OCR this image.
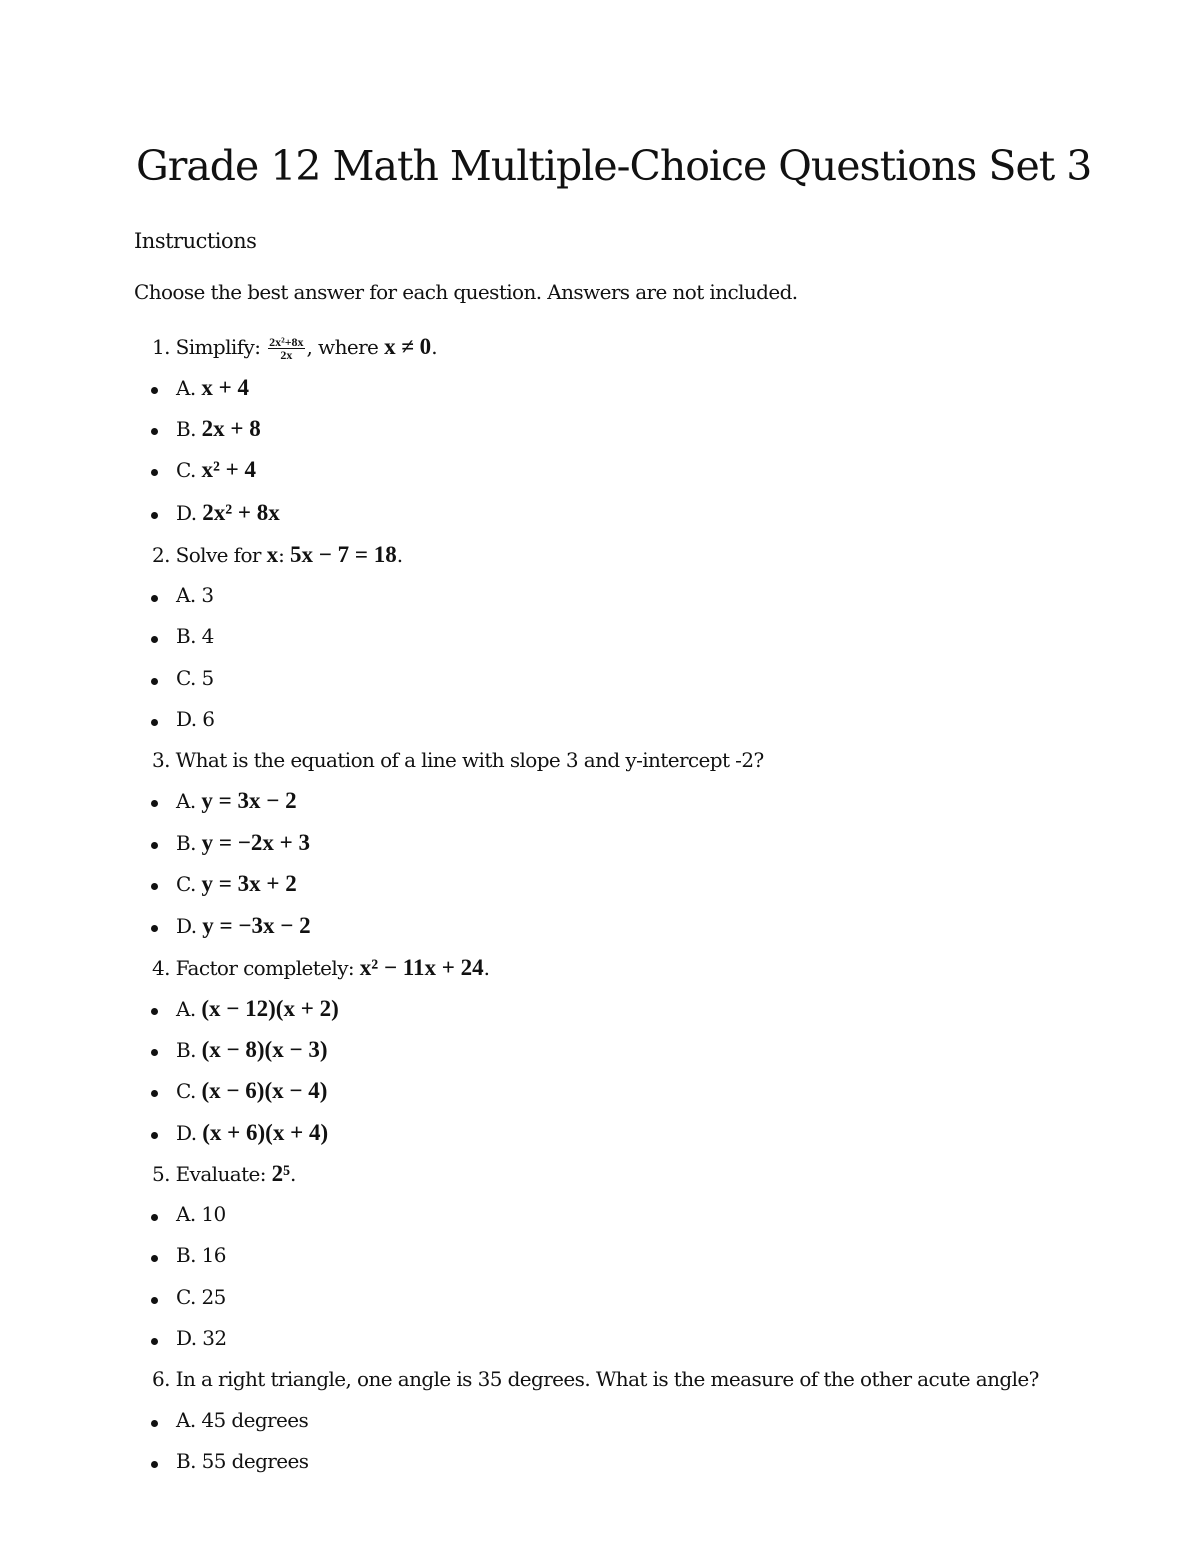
Grade 12 Math Multiple-Choice Questions Set 3
Instructions
Choose the best answer for each question. Answers are not included.
1. Simplify: $\frac{\text{2x²+8x}}{2x}$ , where x ≠ 0.
A. x + 4
B. 2x + 8
C. x² + 4
D. 2x² + 8x
2. Solve for x: 5x − 7 = 18.
A. 3
B. 4
C. 5
D. 6
3. What is the equation of a line with slope 3 and y-intercept -2?
A. y = 3x − 2
B. y = −2x + 3
C. y = 3x + 2
D. y = −3x − 2
4. Factor completely: x² − 11x + 24.
A. (x − 12)(x + 2)
B. (x − 8)(x − 3)
C. (x − 6)(x − 4)
D. (x + 6)(x + 4)
5. Evaluate: 2⁵.
A. 10
B. 16
C. 25
D. 32
6. In a right triangle, one angle is 35 degrees. What is the measure of the other acute angle?
A. 45 degrees
B. 55 degrees
